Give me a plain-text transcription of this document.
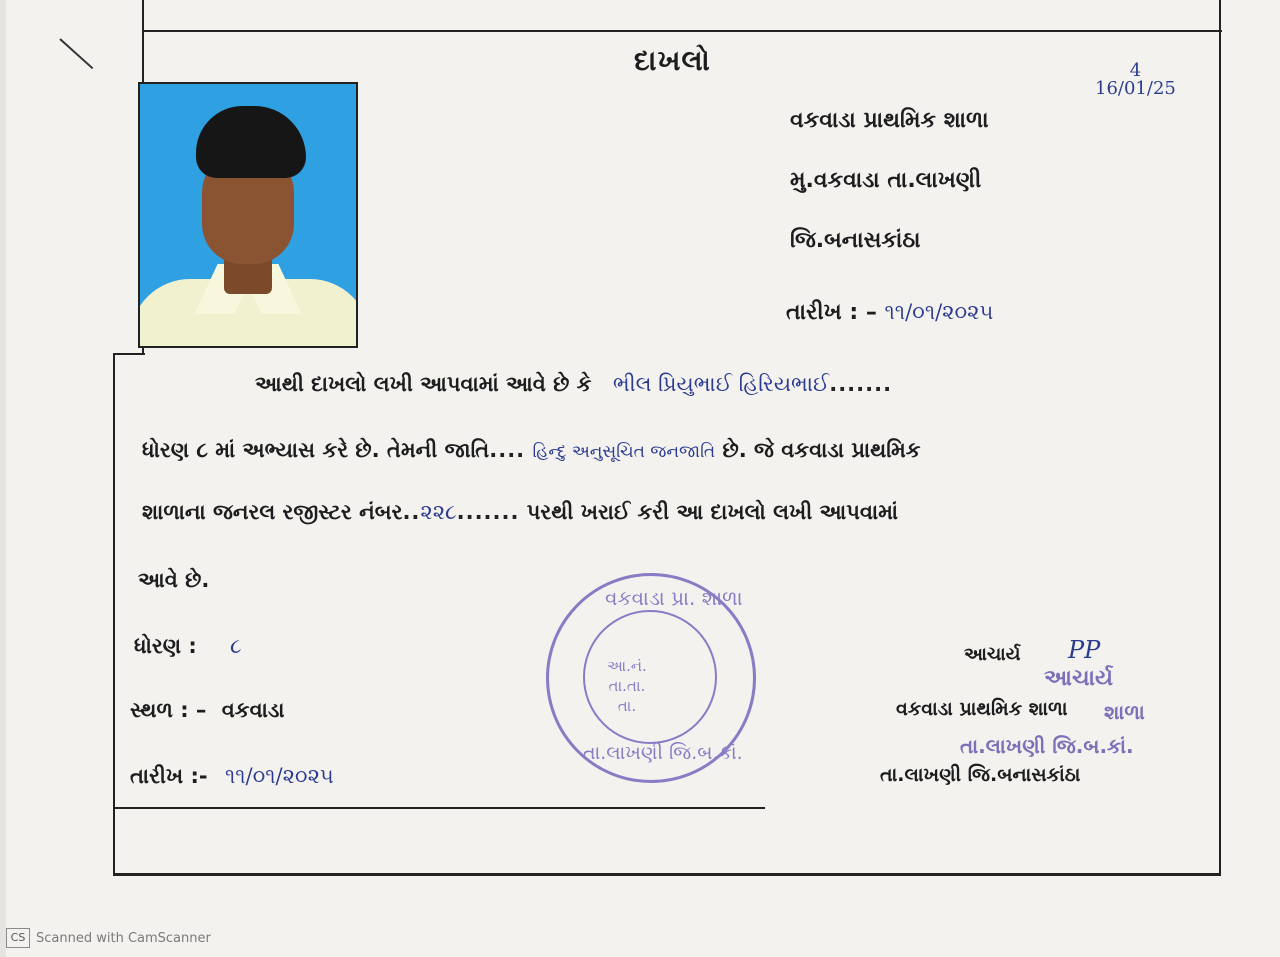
દાખલો	4
16/01/25
વકવાડા પ્રાથમિક શાળા
મુ.વકવાડા તા.લાખણી
જિ.બનાસકાંઠા
તારીખ : – ૧૧/૦૧/૨૦૨૫
આથી દાખલો લખી આપવામાં આવે છે કે ભીલ પ્રિયુભાઈ હિરિયભાઈ.......
ધોરણ ૮ માં અભ્યાસ કરે છે. તેમની જાતિ.... હિન્દુ અનુસૂચિત જનજાતિ છે. જે વકવાડા પ્રાથમિક
શાળાના જનરલ રજીસ્ટર નંબર..૨૨૮....... પરથી ખરાઈ કરી આ દાખલો લખી આપવામાં
આવે છે.
ધોરણ : ૮
સ્થળ : – વકવાડા
તારીખ :- ૧૧/૦૧/૨૦૨૫
વકવાડા પ્રા. શાળા
આ.નં.
તા.તા.
તા.
તા.લાખણી જિ.બ.કાં.
આચાર્ય PP
આચાર્ય
વકવાડા પ્રાથમિક શાળા શાળા
તા.લાખણી જિ.બ.કાં.
તા.લાખણી જિ.બનાસકાંઠા
CS Scanned with CamScanner
